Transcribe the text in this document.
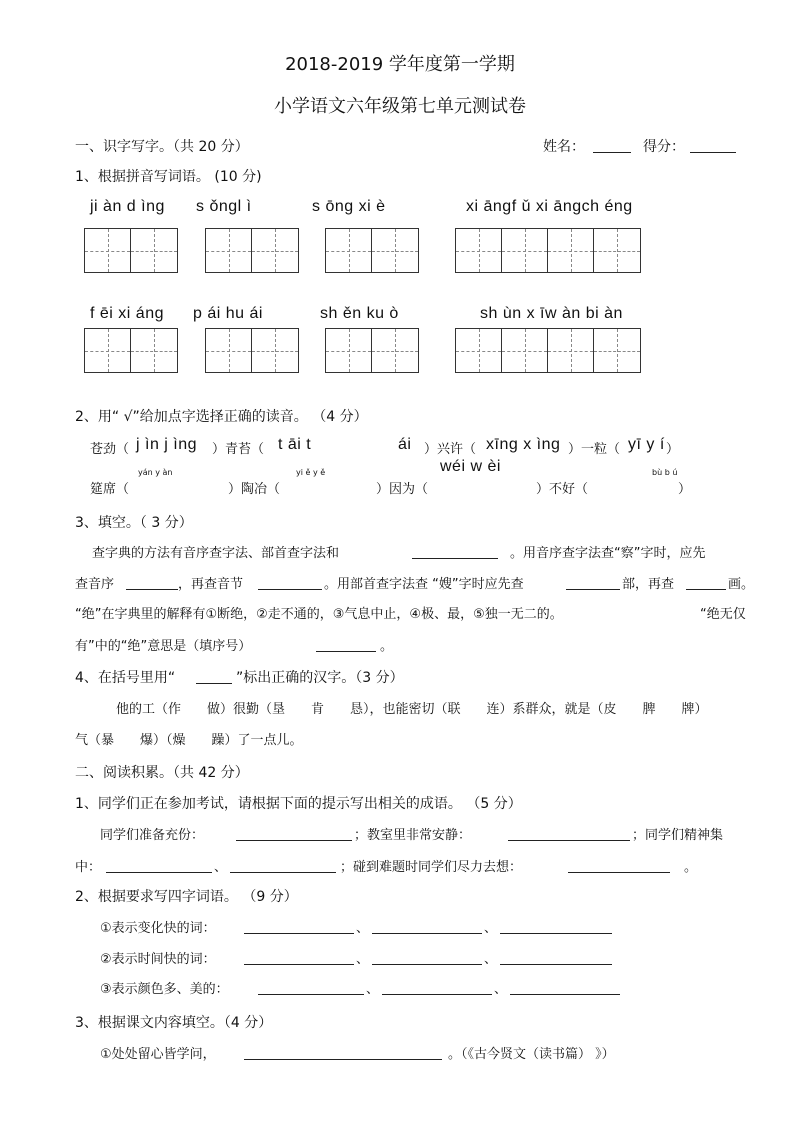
2018-2019 学年度第一学期
小学语文六年级第七单元测试卷
一、识字写字。（共 20 分）	姓名：	得分：
1、根据拼音写词语。 (10 分)
ji àn d ìng s ǒngl ì	s ōng xi è	xi āngf ǔ xi āngch éng
f ēi xi áng p ái hu ái	sh ěn ku ò	sh ùn x īw àn bi àn
2、用“ √”给加点字选择正确的读音。 （4 分）
苍劲（ j ìn j ìng ）青苔（ t āi t	ái ）兴许（ xīng x ìng ）一粒（ yī y í ）
yán y àn	yi ě y ě	wéi w èi	bù b ú
筵席（	）陶冶（	）因为（	）不好（	）
3、填空。（ 3 分）
查字典的方法有音序查字法、部首查字法和	。用音序查字法查“察”字时，应先
查音序	，再查音节	。用部首查字法查 “嫂”字时应先查	部，再查	画。
“绝”在字典里的解释有①断绝，②走不通的，③气息中止，④极、最，⑤独一无二的。	“绝无仅
有”中的“绝”意思是（填序号）	。
4、在括号里用“	”标出正确的汉字。（3 分）
他的工（作　　做）很勤（垦　　肯　　恳），也能密切（联　　连）系群众，就是（皮　　脾　　牌）
气（暴　　爆）（燥　　躁）了一点儿。
二、阅读积累。（共 42 分）
1、同学们正在参加考试，请根据下面的提示写出相关的成语。 （5 分）
同学们准备充份：	；教室里非常安静：	；同学们精神集
中：	、	；碰到难题时同学们尽力去想：	。
2、根据要求写四字词语。 （9 分）
①表示变化快的词：	、	、
②表示时间快的词：	、	、
③表示颜色多、美的：	、	、
3、根据课文内容填空。（4 分）
①处处留心皆学问，	。（《古今贤文（读书篇） 》）
